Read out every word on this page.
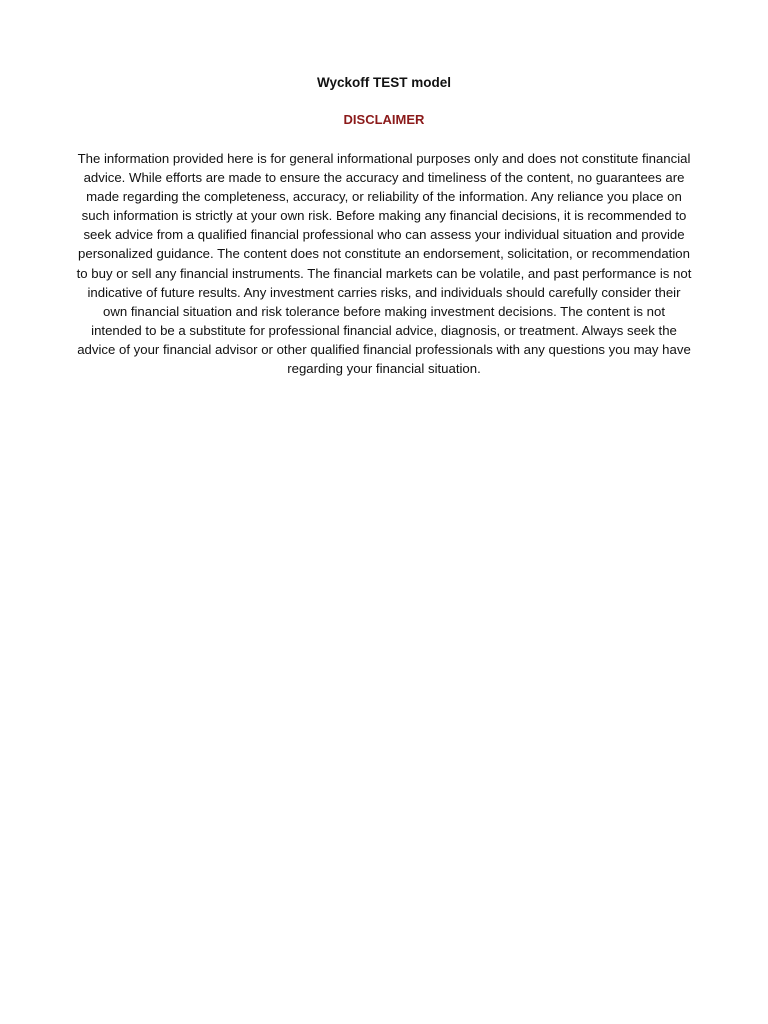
Wyckoff TEST model
DISCLAIMER

The information provided here is for general informational purposes only and does not constitute financial advice. While efforts are made to ensure the accuracy and timeliness of the content, no guarantees are made regarding the completeness, accuracy, or reliability of the information. Any reliance you place on such information is strictly at your own risk. Before making any financial decisions, it is recommended to seek advice from a qualified financial professional who can assess your individual situation and provide personalized guidance. The content does not constitute an endorsement, solicitation, or recommendation to buy or sell any financial instruments. The financial markets can be volatile, and past performance is not indicative of future results. Any investment carries risks, and individuals should carefully consider their own financial situation and risk tolerance before making investment decisions. The content is not intended to be a substitute for professional financial advice, diagnosis, or treatment. Always seek the advice of your financial advisor or other qualified financial professionals with any questions you may have regarding your financial situation.
